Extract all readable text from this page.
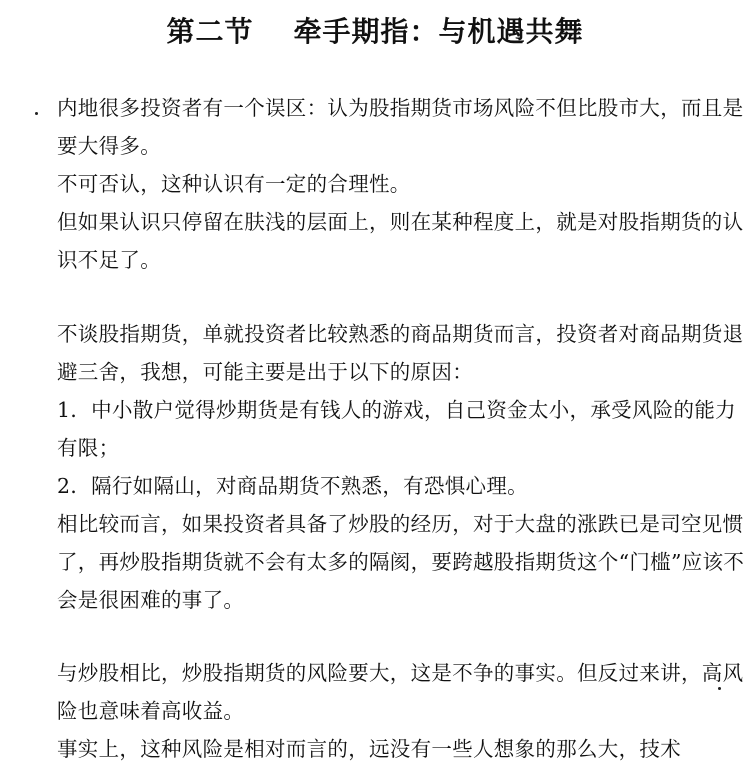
第二节 牵手期指：与机遇共舞

内地很多投资者有一个误区：认为股指期货市场风险不但比股市大，而且是要大得多。

不可否认，这种认识有一定的合理性。

但如果认识只停留在肤浅的层面上，则在某种程度上，就是对股指期货的认识不足了。

不谈股指期货，单就投资者比较熟悉的商品期货而言，投资者对商品期货退避三舍，我想，可能主要是出于以下的原因：

1．中小散户觉得炒期货是有钱人的游戏，自己资金太小，承受风险的能力有限；

2．隔行如隔山，对商品期货不熟悉，有恐惧心理。

相比较而言，如果投资者具备了炒股的经历，对于大盘的涨跌已是司空见惯了，再炒股指期货就不会有太多的隔阂，要跨越股指期货这个“门槛”应该不会是很困难的事了。

与炒股相比，炒股指期货的风险要大，这是不争的事实。但反过来讲，高风险也意味着高收益。

事实上，这种风险是相对而言的，远没有一些人想象的那么大，技术
